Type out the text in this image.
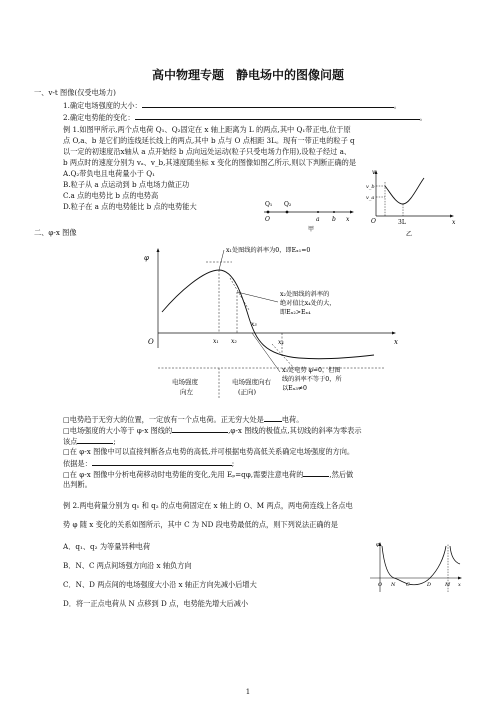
高中物理专题　静电场中的图像问题
一、v-t 图像(仅受电场力)
1.确定电场强度的大小：	。
2.确定电势能的变化：	。
例 1.如图甲所示,两个点电荷 Q₁、Q₂固定在 x 轴上距离为 L 的两点,其中 Q₁带正电,位于原
点 O,a、b 是它们的连线延长线上的两点,其中 b 点与 O 点相距 3L。现有一带正电的粒子 q
以一定的初速度沿x轴从 a 点开始经 b 点向远处运动(粒子只受电场力作用),设粒子经过 a、
b 两点时的速度分别为 vₐ、v_b,其速度随坐标 x 变化的图像如图乙所示,则以下判断正确的是
A.Q₂带负电且电荷量小于 Q₁
B.粒子从 a 点运动到 b 点电场力做正功
C.a 点的电势比 b 点的电势高
D.粒子在 a 点的电势能比 b 点的电势能大	Q₁ Q₂
O	a b x
甲
v
v_b
v_a
O	3L	x
乙
二、φ-x 图像
φ
O	x
x₁ x₂
x₃
x₄
x₁处图线的斜率为0，即Eₓ₁=0
x₂处图线的斜率的
绝对值比x₄处的大，
即Eₓ₂>Eₓ₄
x₃处电势 φ=0，但图
线的斜率不等于0，所
以Eₓ₃≠0
电场强度
向左
电场强度向右
(正向)
□电势趋于无穷大的位置，一定放有一个点电荷。正无穷大处是	电荷。
□电场强度的大小等于 φ-x 图线的	,φ-x 图线的极值点,其切线的斜率为零表示
该点	;
□在 φ-x 图像中可以直接判断各点电势的高低,并可根据电势高低关系确定电场强度的方向。
依据是：	;
□在 φ-x 图像中分析电荷移动时电势能的变化,先用 Eₚ=qφ,需要注意电荷的	,然后做
出判断。
例 2.两电荷量分别为 q₁ 和 q₂ 的点电荷固定在 x 轴上的 O、M 两点，两电荷连线上各点电
势 φ 随 x 变化的关系如图所示，其中 C 为 ND 段电势最低的点，则下列说法正确的是
A．q₁、q₂ 为等量异种电荷
B．N、C 两点间场强方向沿 x 轴负方向
C．N、D 两点间的电场强度大小沿 x 轴正方向先减小后增大
D．将一正点电荷从 N 点移到 D 点，电势能先增大后减小
φ
O N C	D	M x
1
